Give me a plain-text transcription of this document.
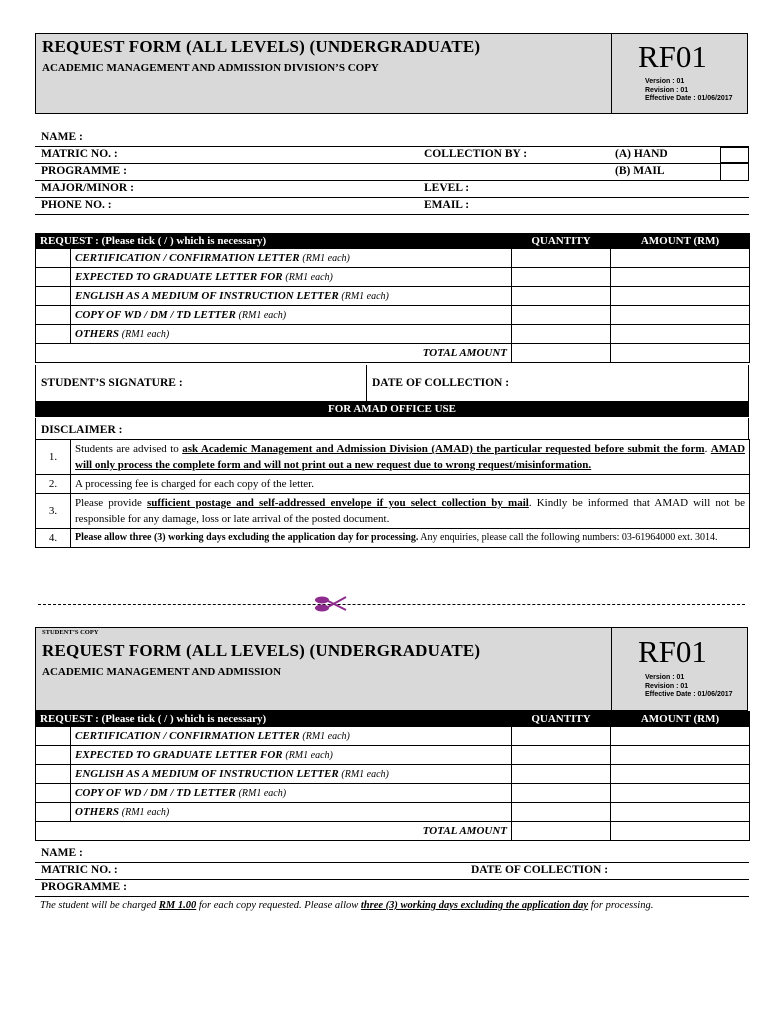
REQUEST FORM (ALL LEVELS) (UNDERGRADUATE)
ACADEMIC MANAGEMENT AND ADMISSION DIVISION’S COPY	RF01
Version : 01
Revision : 01
Effective Date : 01/06/2017
NAME :
MATRIC NO. :	COLLECTION BY :	(A) HAND
PROGRAMME :	(B) MAIL
MAJOR/MINOR :	LEVEL :
PHONE NO. :	EMAIL :
REQUEST : (Please tick ( / ) which is necessary)		QUANTITY	AMOUNT (RM)
	CERTIFICATION / CONFIRMATION LETTER (RM1 each)		
	EXPECTED TO GRADUATE LETTER FOR (RM1 each)		
	ENGLISH AS A MEDIUM OF INSTRUCTION LETTER (RM1 each)		
	COPY OF WD / DM / TD LETTER (RM1 each)		
	OTHERS (RM1 each)		
TOTAL AMOUNT			
STUDENT’S SIGNATURE :	DATE OF COLLECTION :
FOR AMAD OFFICE USE
DISCLAIMER :
1.	Students are advised to ask Academic Management and Admission Division (AMAD) the particular requested before submit the form. AMAD will only process the complete form and will not print out a new request due to wrong request/misinformation.
2.	A processing fee is charged for each copy of the letter.
3.	Please provide sufficient postage and self-addressed envelope if you select collection by mail. Kindly be informed that AMAD will not be responsible for any damage, loss or late arrival of the posted document.
4.	Please allow three (3) working days excluding the application day for processing. Any enquiries, please call the following numbers: 03-61964000 ext. 3014.
STUDENT’S COPY
REQUEST FORM (ALL LEVELS) (UNDERGRADUATE)
ACADEMIC MANAGEMENT AND ADMISSION
RF01
Version : 01
Revision : 01
Effective Date : 01/06/2017
REQUEST : (Please tick ( / ) which is necessary)		QUANTITY	AMOUNT (RM)
	CERTIFICATION / CONFIRMATION LETTER (RM1 each)		
	EXPECTED TO GRADUATE LETTER FOR (RM1 each)		
	ENGLISH AS A MEDIUM OF INSTRUCTION LETTER (RM1 each)		
	COPY OF WD / DM / TD LETTER (RM1 each)		
	OTHERS (RM1 each)		
TOTAL AMOUNT			
NAME :
MATRIC NO. :	DATE OF COLLECTION :
PROGRAMME :
The student will be charged RM 1.00 for each copy requested. Please allow three (3) working days excluding the application day for processing.
